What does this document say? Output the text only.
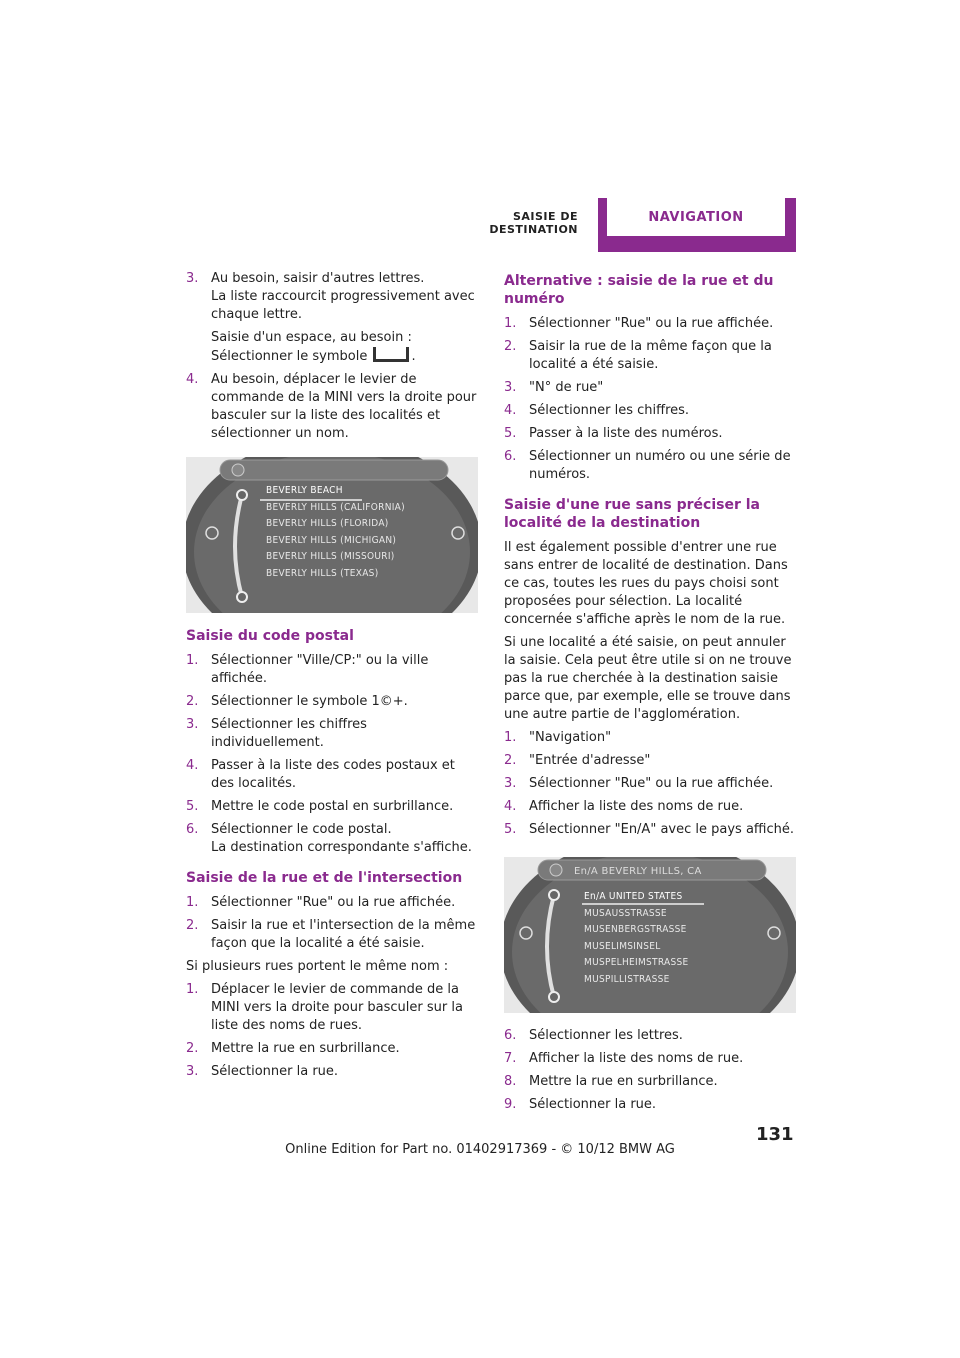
SAISIE DE DESTINATION
NAVIGATION
3. Au besoin, saisir d'autres lettres.

La liste raccourcit progressivement avec chaque lettre.

Saisie d'un espace, au besoin :

Sélectionner le symbole	.

4. Au besoin, déplacer le levier de commande de la MINI vers la droite pour basculer sur la liste des localités et sélectionner un nom.

BEVERLY BEACH
BEVERLY HILLS (CALIFORNIA)
BEVERLY HILLS (FLORIDA)
BEVERLY HILLS (MICHIGAN)
BEVERLY HILLS (MISSOURI)
BEVERLY HILLS (TEXAS)
Saisie du code postal
1. Sélectionner "Ville/CP:" ou la ville affichée.

2. Sélectionner le symbole 1©+.

3. Sélectionner les chiffres individuellement.

4. Passer à la liste des codes postaux et des localités.

5. Mettre le code postal en surbrillance.

6. Sélectionner le code postal.

La destination correspondante s'affiche.

Saisie de la rue et de l'intersection
1. Sélectionner "Rue" ou la rue affichée.

2. Saisir la rue et l'intersection de la même façon que la localité a été saisie.

Si plusieurs rues portent le même nom :

1. Déplacer le levier de commande de la MINI vers la droite pour basculer sur la liste des noms de rues.

2. Mettre la rue en surbrillance.

3. Sélectionner la rue.

Alternative : saisie de la rue et du numéro
1. Sélectionner "Rue" ou la rue affichée.

2. Saisir la rue de la même façon que la localité a été saisie.

3. "N° de rue"

4. Sélectionner les chiffres.

5. Passer à la liste des numéros.

6. Sélectionner un numéro ou une série de numéros.

Saisie d'une rue sans préciser la localité de la destination

Il est également possible d'entrer une rue sans entrer de localité de destination. Dans ce cas, toutes les rues du pays choisi sont proposées pour sélection. La localité concernée s'affiche après le nom de la rue.

Si une localité a été saisie, on peut annuler la saisie. Cela peut être utile si on ne trouve pas la rue cherchée à la destination saisie parce que, par exemple, elle se trouve dans une autre partie de l'agglomération.

1. "Navigation"

2. "Entrée d'adresse"

3. Sélectionner "Rue" ou la rue affichée.

4. Afficher la liste des noms de rue.

5. Sélectionner "En/A" avec le pays affiché.

En/A BEVERLY HILLS, CA
En/A UNITED STATES
MUSAUSSTRASSE
MUSENBERGSTRASSE
MUSELIMSINSEL
MUSPELHEIMSTRASSE
MUSPILLISTRASSE
6. Sélectionner les lettres.

7. Afficher la liste des noms de rue.

8. Mettre la rue en surbrillance.

9. Sélectionner la rue.

131
Online Edition for Part no. 01402917369 - © 10/12 BMW AG
